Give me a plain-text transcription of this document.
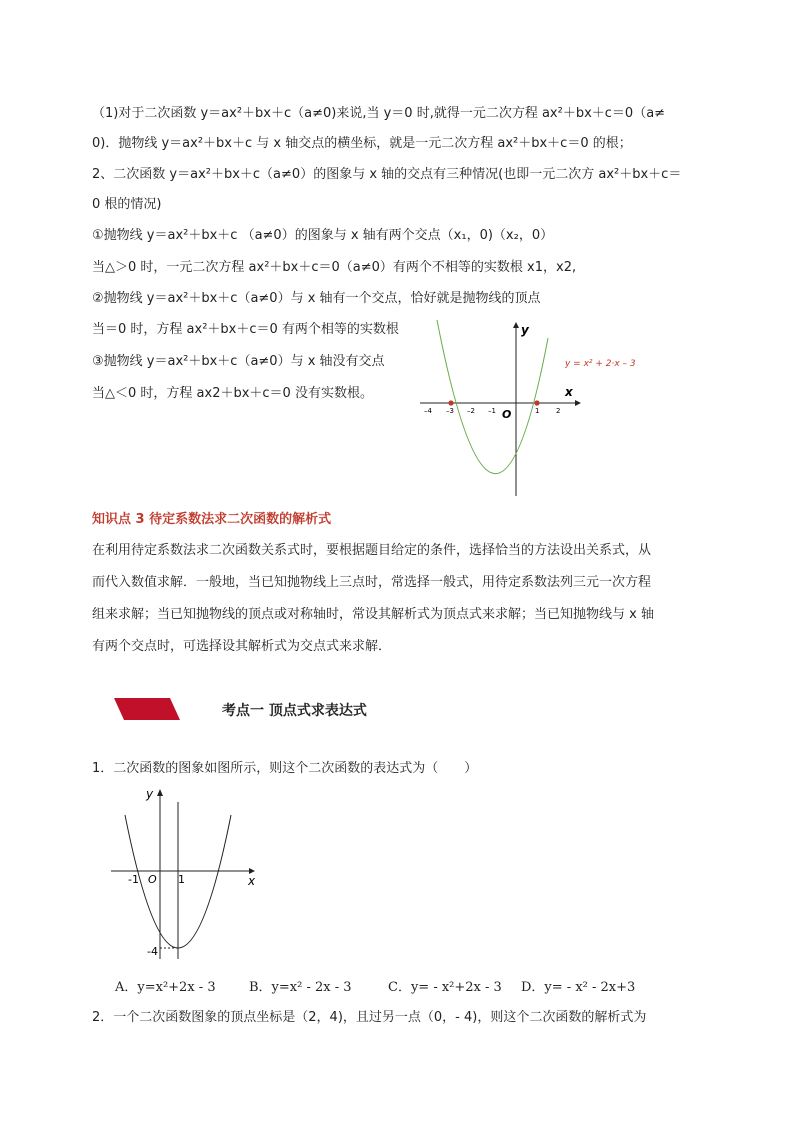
（1)对于二次函数 y＝ax²＋bx＋c（a≠0)来说,当 y＝0 时,就得一元二次方程 ax²＋bx＋c＝0（a≠
0)．抛物线 y＝ax²＋bx＋c 与 x 轴交点的横坐标，就是一元二次方程 ax²＋bx＋c＝0 的根；
2、二次函数 y＝ax²＋bx＋c（a≠0）的图象与 x 轴的交点有三种情况(也即一元二次方 ax²＋bx＋c＝
0 根的情况)
①抛物线 y＝ax²＋bx＋c （a≠0）的图象与 x 轴有两个交点（x₁，0)（x₂，0）
当△＞0 时，一元二次方程 ax²＋bx＋c＝0（a≠0）有两个不相等的实数根 x1，x2,
②抛物线 y＝ax²＋bx＋c（a≠0）与 x 轴有一个交点，恰好就是抛物线的顶点
当＝0 时，方程 ax²＋bx＋c＝0 有两个相等的实数根
③抛物线 y＝ax²＋bx＋c（a≠0）与 x 轴没有交点
当△＜0 时，方程 ax2＋bx＋c＝0 没有实数根。
y
x
O
–4 –3 –2 –1	1 2
y = x² + 2·x – 3
知识点 3 待定系数法求二次函数的解析式
在利用待定系数法求二次函数关系式时，要根据题目给定的条件，选择恰当的方法设出关系式，从
而代入数值求解．一般地，当已知抛物线上三点时，常选择一般式，用待定系数法列三元一次方程
组来求解；当已知抛物线的顶点或对称轴时，常设其解析式为顶点式来求解；当已知抛物线与 x 轴
有两个交点时，可选择设其解析式为交点式来求解．
考点一 顶点式求表达式
1．二次函数的图象如图所示，则这个二次函数的表达式为（　　）
y
x
O
-1	1
-4
A．y=x²+2x - 3	B．y=x² - 2x - 3	C．y= - x²+2x - 3 D．y= - x² - 2x+3
2．一个二次函数图象的顶点坐标是（2，4)，且过另一点（0，- 4)，则这个二次函数的解析式为
